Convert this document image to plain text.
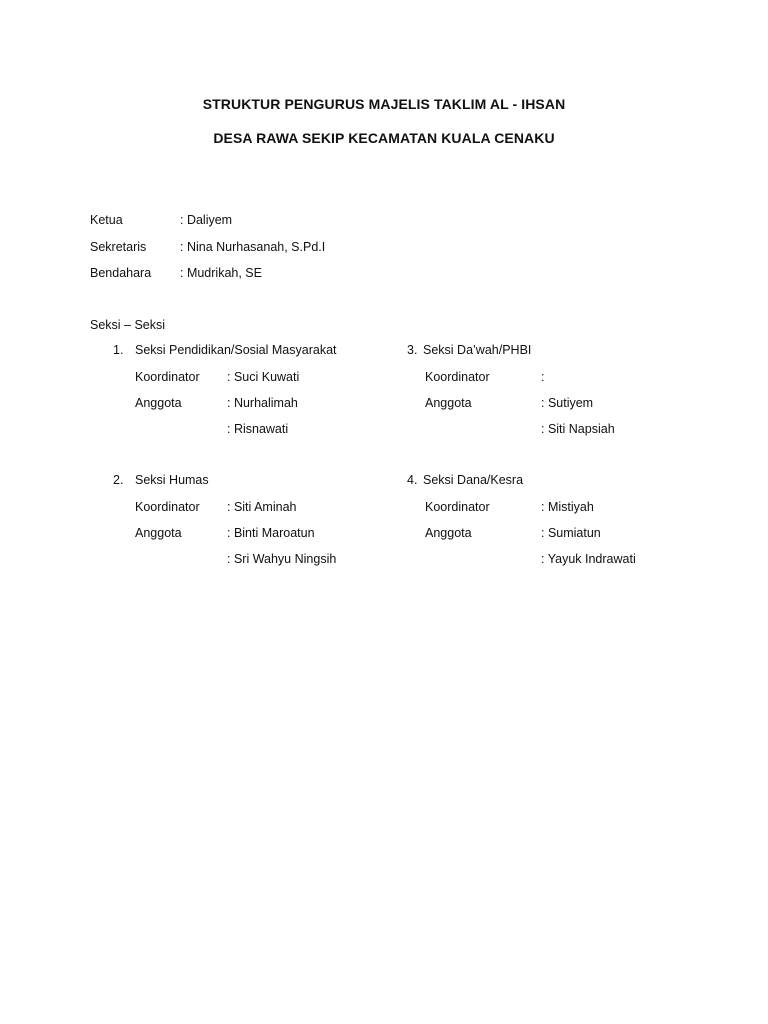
STRUKTUR PENGURUS MAJELIS TAKLIM AL - IHSAN
DESA RAWA SEKIP KECAMATAN KUALA CENAKU
Ketua	: Daliyem
Sekretaris	: Nina Nurhasanah, S.Pd.I
Bendahara : Mudrikah, SE
Seksi – Seksi
1. Seksi Pendidikan/Sosial Masyarakat
Koordinator : Suci Kuwati
Anggota	: Nurhalimah
: Risnawati
3. Seksi Da’wah/PHBI
Koordinator	:
Anggota	: Sutiyem
: Siti Napsiah
2. Seksi Humas
Koordinator : Siti Aminah
Anggota	: Binti Maroatun
: Sri Wahyu Ningsih
4. Seksi Dana/Kesra
Koordinator	: Mistiyah
Anggota	: Sumiatun
: Yayuk Indrawati
